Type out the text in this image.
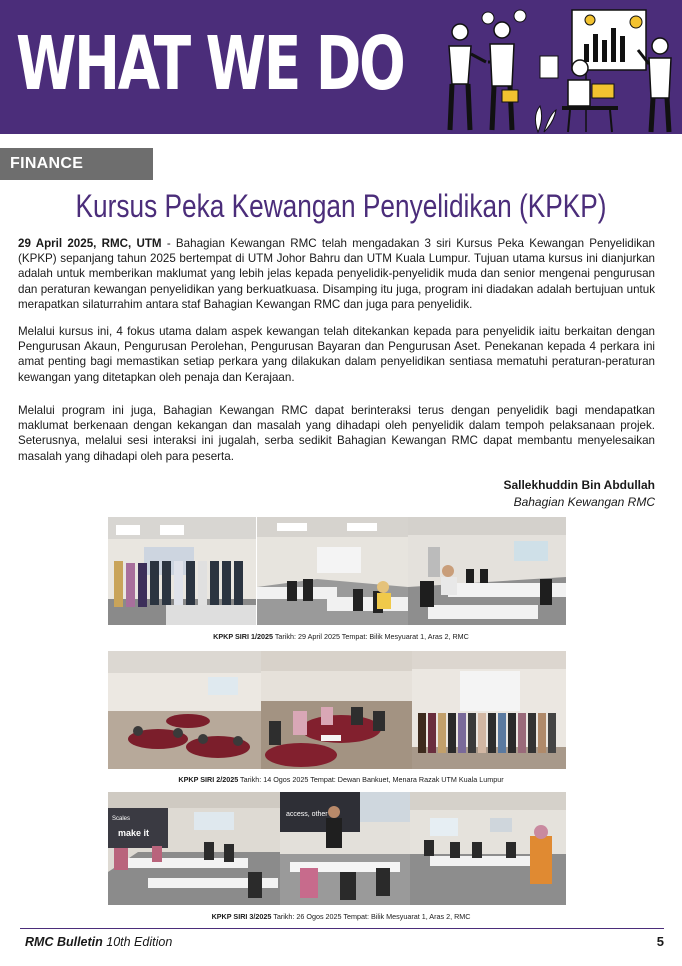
WHAT WE DO
FINANCE DIVISION
Kursus Peka Kewangan Penyelidikan (KPKP)

29 April 2025, RMC, UTM - Bahagian Kewangan RMC telah mengadakan 3 siri Kursus Peka Kewangan Penyelidikan (KPKP) sepanjang tahun 2025 bertempat di UTM Johor Bahru dan UTM Kuala Lumpur. Tujuan utama kursus ini dianjurkan adalah untuk memberikan maklumat yang lebih jelas kepada penyelidik-penyelidik muda dan senior mengenai pengurusan dan peraturan kewangan penyelidikan yang berkuatkuasa. Disamping itu juga, program ini diadakan adalah bertujuan untuk merapatkan silaturrahim antara staf Bahagian Kewangan RMC dan juga para penyelidik.

Melalui kursus ini, 4 fokus utama dalam aspek kewangan telah ditekankan kepada para penyelidik iaitu berkaitan dengan Pengurusan Akaun, Pengurusan Perolehan, Pengurusan Bayaran dan Pengurusan Aset. Penekanan kepada 4 perkara ini amat penting bagi memastikan setiap perkara yang dilakukan dalam penyelidikan sentiasa mematuhi peraturan-peraturan kewangan yang ditetapkan oleh penaja dan Kerajaan.

Melalui program ini juga, Bahagian Kewangan RMC dapat berinteraksi terus dengan penyelidik bagi mendapatkan maklumat berkenaan dengan kekangan dan masalah yang dihadapi oleh penyelidik dalam tempoh pelaksanaan projek. Seterusnya, melalui sesi interaksi ini jugalah, serba sedikit Bahagian Kewangan RMC dapat membantu menyelesaikan masalah yang dihadapi oleh para peserta.

Sallekhuddin Bin Abdullah
Bahagian Kewangan RMC
KPKP SIRI 1/2025 Tarikh: 29 April 2025 Tempat: Bilik Mesyuarat 1, Aras 2, RMC
KPKP SIRI 2/2025 Tarikh: 14 Ogos 2025 Tempat: Dewan Bankuet, Menara Razak UTM Kuala Lumpur
Scales
make it
access, other
KPKP SIRI 3/2025 Tarikh: 26 Ogos 2025 Tempat: Bilik Mesyuarat 1, Aras 2, RMC
RMC Bulletin 10th Edition	5
